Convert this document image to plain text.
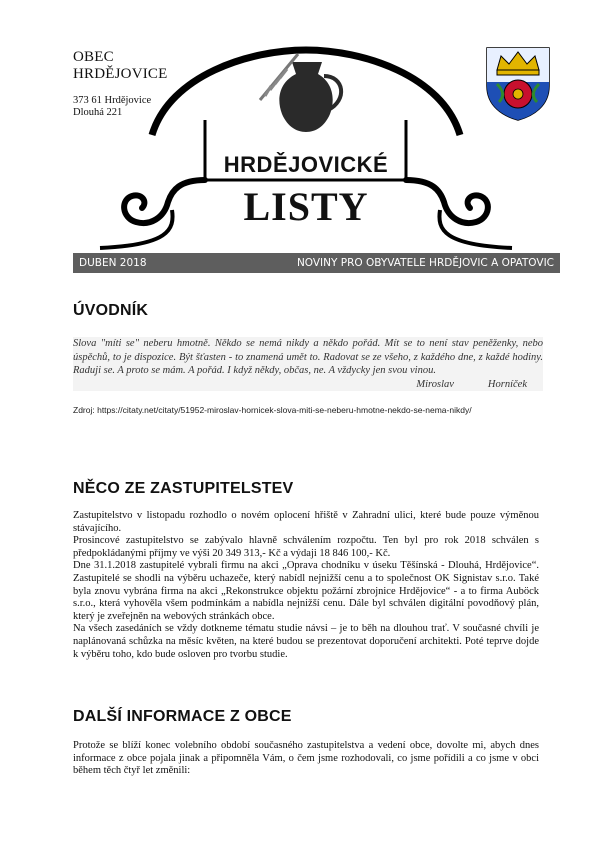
OBEC
HRDĚJOVICE
373 61 Hrdějovice
Dlouhá 221
HRDĚJOVICKÉ
LISTY
DUBEN 2018	NOVINY PRO OBYVATELE HRDĚJOVIC A OPATOVIC
ÚVODNÍK

Slova "míti se" neberu hmotně. Někdo se nemá nikdy a někdo pořád. Mít se to není stav peněženky, nebo úspěchů, to je dispozice. Být šťasten - to znamená umět to. Radovat se ze všeho, z každého dne, z každé hodiny. Raduji se. A proto se mám. A pořád. I když někdy, občas, ne. A vždycky jen svou vinou.

Miroslav	Horníček
Zdroj: https://citaty.net/citaty/51952-miroslav-hornicek-slova-miti-se-neberu-hmotne-nekdo-se-nema-nikdy/
NĚCO ZE ZASTUPITELSTEV

Zastupitelstvo v listopadu rozhodlo o novém oplocení hřiště v Zahradní ulici, které bude pouze výměnou stávajícího.

Prosincové zastupitelstvo se zabývalo hlavně schválením rozpočtu. Ten byl pro rok 2018 schválen s předpokládanými příjmy ve výši 20 349 313,- Kč a výdaji 18 846 100,- Kč.

Dne 31.1.2018 zastupitelé vybrali firmu na akci „Oprava chodníku v úseku Těšínská - Dlouhá, Hrdějovice“. Zastupitelé se shodli na výběru uchazeče, který nabídl nejnižší cenu a to společnost OK Signistav s.r.o. Také byla znovu vybrána firma na akci „Rekonstrukce objektu požární zbrojnice Hrdějovice“ - a to firma Auböck s.r.o., která vyhověla všem podmínkám a nabídla nejnižší cenu. Dále byl schválen digitální povodňový plán, který je zveřejněn na webových stránkách obce.

Na všech zasedáních se vždy dotkneme tématu studie návsi – je to běh na dlouhou trať. V současné chvíli je naplánovaná schůzka na měsíc květen, na které budou se prezentovat doporučení architekti. Poté teprve dojde k výběru toho, kdo bude osloven pro tvorbu studie.

DALŠÍ INFORMACE Z OBCE

Protože se blíží konec volebního období současného zastupitelstva a vedení obce, dovolte mi, abych dnes informace z obce pojala jinak a připomněla Vám, o čem jsme rozhodovali, co jsme pořídili a co jsme v obci během těch čtyř let změnili:
